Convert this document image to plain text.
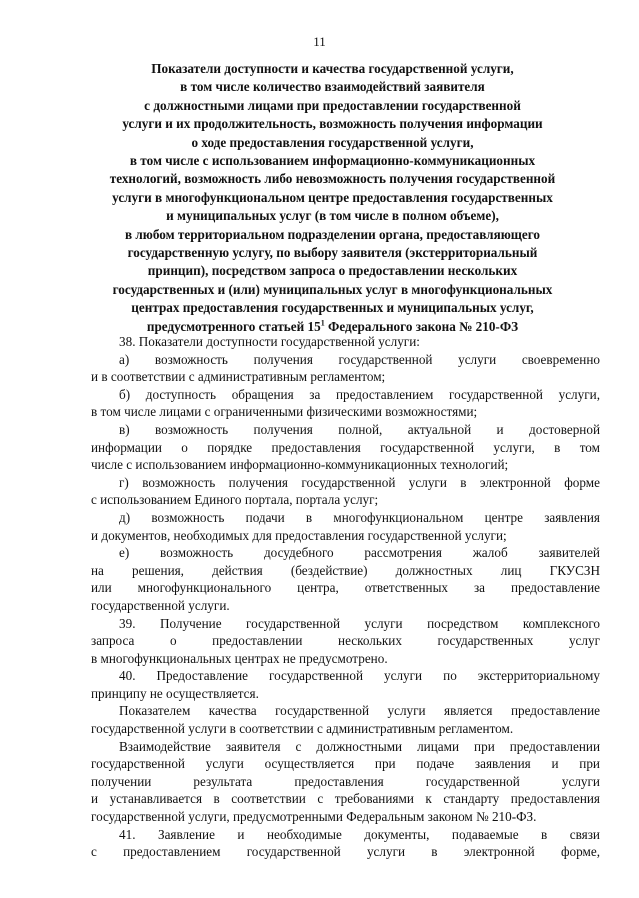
11
Показатели доступности и качества государственной услуги,
в том числе количество взаимодействий заявителя
с должностными лицами при предоставлении государственной
услуги и их продолжительность, возможность получения информации
о ходе предоставления государственной услуги,
в том числе с использованием информационно-коммуникационных
технологий, возможность либо невозможность получения государственной
услуги в многофункциональном центре предоставления государственных
и муниципальных услуг (в том числе в полном объеме),
в любом территориальном подразделении органа, предоставляющего
государственную услугу, по выбору заявителя (экстерриториальный
принцип), посредством запроса о предоставлении нескольких
государственных и (или) муниципальных услуг в многофункциональных
центрах предоставления государственных и муниципальных услуг,
предусмотренного статьей $15^1$ Федерального закона № 210-ФЗ
38. Показатели доступности государственной услуги:
а) возможность получения государственной услуги своевременно
и в соответствии с административным регламентом;
б) доступность обращения за предоставлением государственной услуги,
в том числе лицами с ограниченными физическими возможностями;
в) возможность получения полной, актуальной и достоверной
информации о порядке предоставления государственной услуги, в том
числе с использованием информационно-коммуникационных технологий;
г) возможность получения государственной услуги в электронной форме
с использованием Единого портала, портала услуг;
д) возможность подачи в многофункциональном центре заявления
и документов, необходимых для предоставления государственной услуги;
е) возможность досудебного рассмотрения жалоб заявителей
на решения, действия (бездействие) должностных лиц ГКУСЗН
или многофункционального центра, ответственных за предоставление
государственной услуги.
39. Получение государственной услуги посредством комплексного
запроса о предоставлении нескольких государственных услуг
в многофункциональных центрах не предусмотрено.
40. Предоставление государственной услуги по экстерриториальному
принципу не осуществляется.
Показателем качества государственной услуги является предоставление
государственной услуги в соответствии с административным регламентом.
Взаимодействие заявителя с должностными лицами при предоставлении
государственной услуги осуществляется при подаче заявления и при
получении результата предоставления государственной услуги
и устанавливается в соответствии с требованиями к стандарту предоставления
государственной услуги, предусмотренными Федеральным законом № 210-ФЗ.
41. Заявление и необходимые документы, подаваемые в связи
с предоставлением государственной услуги в электронной форме,
